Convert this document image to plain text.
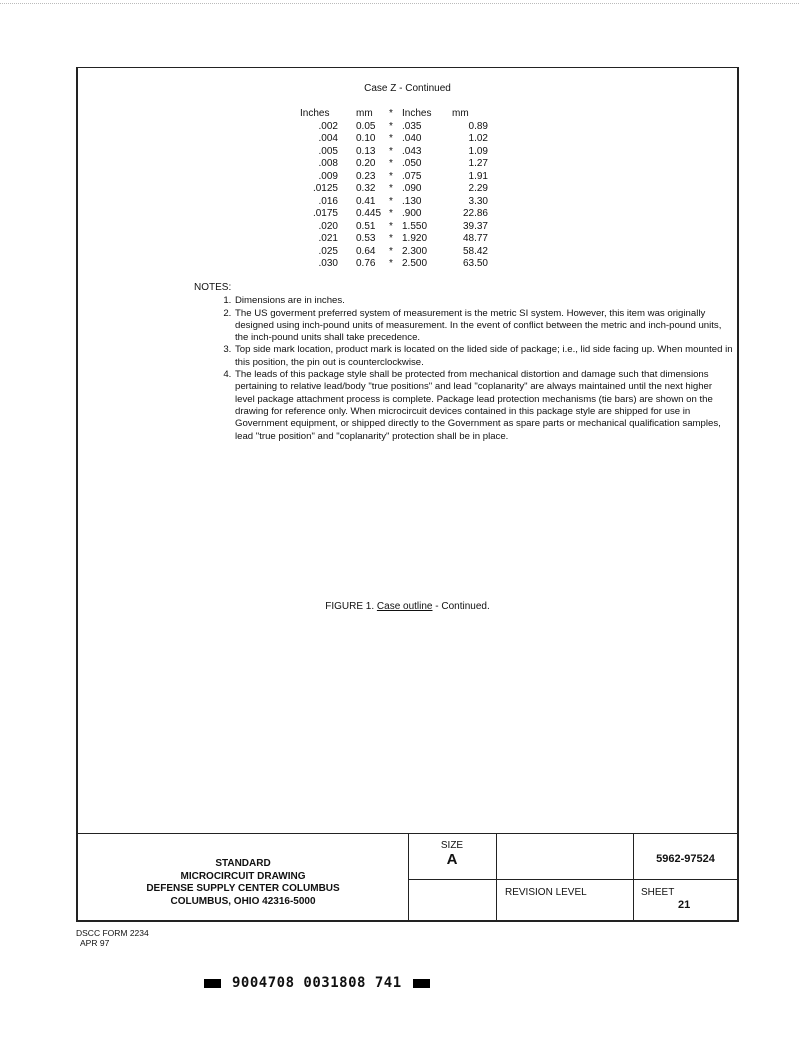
Case Z - Continued
Inches	mm	*	Inches	mm
.002	0.05	*	.035	0.89
.004	0.10	*	.040	1.02
.005	0.13	*	.043	1.09
.008	0.20	*	.050	1.27
.009	0.23	*	.075	1.91
.0125	0.32	*	.090	2.29
.016	0.41	*	.130	3.30
.0175	0.445	*	.900	22.86
.020	0.51	*	1.550	39.37
.021	0.53	*	1.920	48.77
.025	0.64	*	2.300	58.42
.030	0.76	*	2.500	63.50
NOTES:
1. Dimensions are in inches.
2. The US goverment preferred system of measurement is the metric SI system. However, this item was originally designed using inch-pound units of measurement. In the event of conflict between the metric and inch-pound units, the inch-pound units shall take precedence.
3. Top side mark location, product mark is located on the lided side of package; i.e., lid side facing up. When mounted in this position, the pin out is counterclockwise.
4. The leads of this package style shall be protected from mechanical distortion and damage such that dimensions pertaining to relative lead/body "true positions" and lead "coplanarity" are always maintained until the next higher level package attachment process is complete. Package lead protection mechanisms (tie bars) are shown on the drawing for reference only. When microcircuit devices contained in this package style are shipped for use in Government equipment, or shipped directly to the Government as spare parts or mechanical qualification samples, lead "true position" and "coplanarity" protection shall be in place.
FIGURE 1. Case outline - Continued.
STANDARD
MICROCIRCUIT DRAWING
DEFENSE SUPPLY CENTER COLUMBUS
COLUMBUS, OHIO 42316-5000
SIZE
A	5962-97524
REVISION LEVEL	SHEET
21
DSCC FORM 2234
APR 97
9004708 0031808 741
